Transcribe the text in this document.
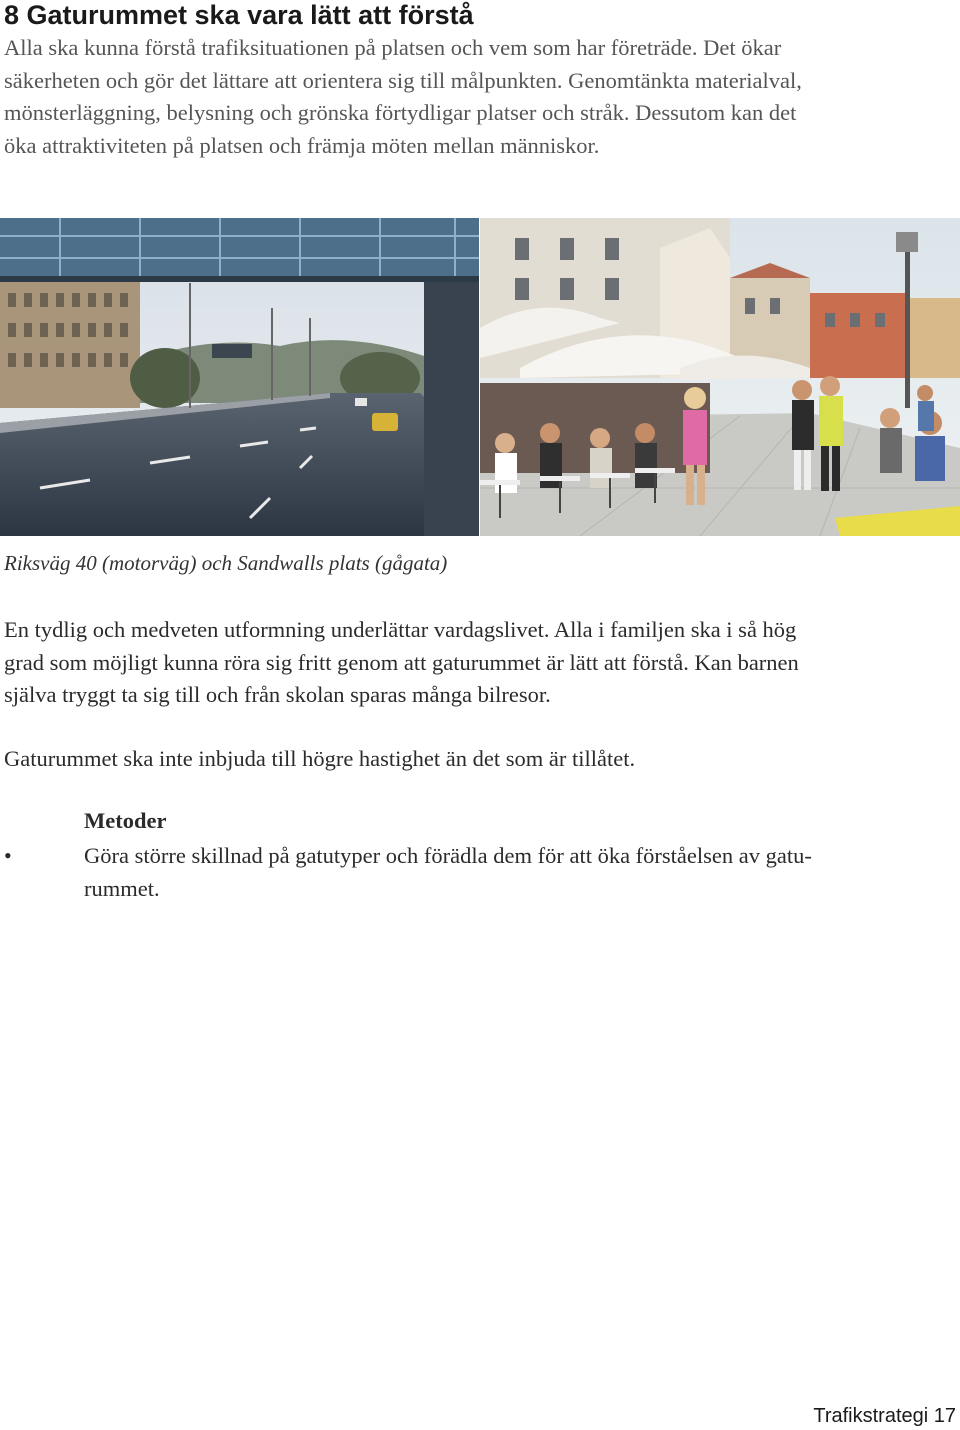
8 Gaturummet ska vara lätt att förstå
Alla ska kunna förstå trafiksituationen på platsen och vem som har företräde. Det ökar
säkerheten och gör det lättare att orientera sig till målpunkten. Genomtänkta materialval,
mönsterläggning, belysning och grönska förtydligar platser och stråk. Dessutom kan det
öka attraktiviteten på platsen och främja möten mellan människor.

Riksväg 40 (motorväg) och Sandwalls plats (gågata)

En tydlig och medveten utformning underlättar vardagslivet. Alla i familjen ska i så hög
grad som möjligt kunna röra sig fritt genom att gaturummet är lätt att förstå. Kan barnen
själva tryggt ta sig till och från skolan sparas många bilresor.

Gaturummet ska inte inbjuda till högre hastighet än det som är tillåtet.

Metoder

•	Göra större skillnad på gatutyper och förädla dem för att öka förståelsen av gatu-
rummet.
Trafikstrategi 17
